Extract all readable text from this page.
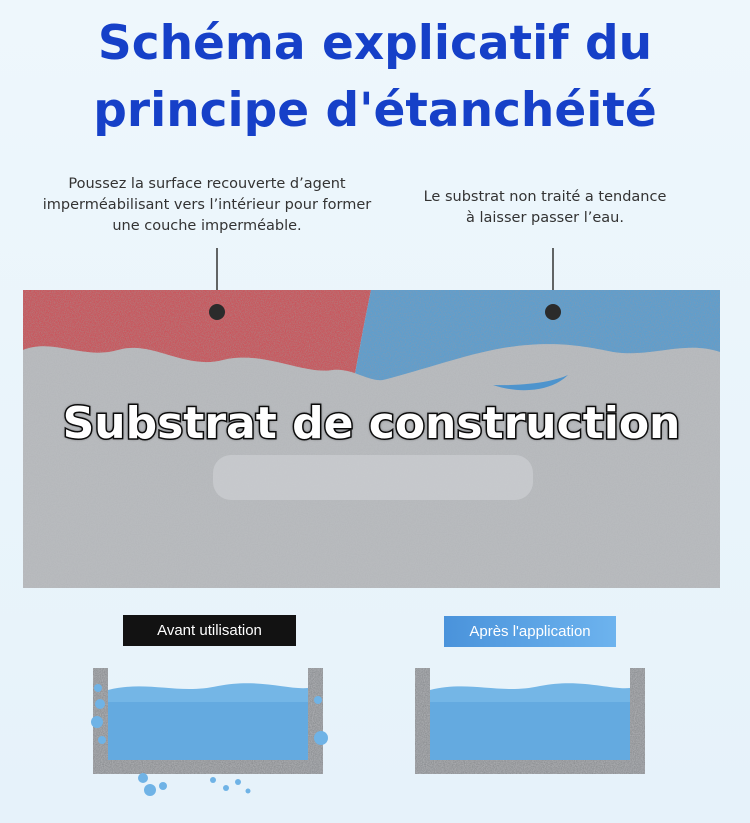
Schéma explicatif du
principe d'étanchéité
Poussez la surface recouverte d’agent
imperméabilisant vers l’intérieur pour former
une couche imperméable.
Le substrat non traité a tendance
à laisser passer l’eau.
Substrat de construction
Avant utilisation	Après l'application
